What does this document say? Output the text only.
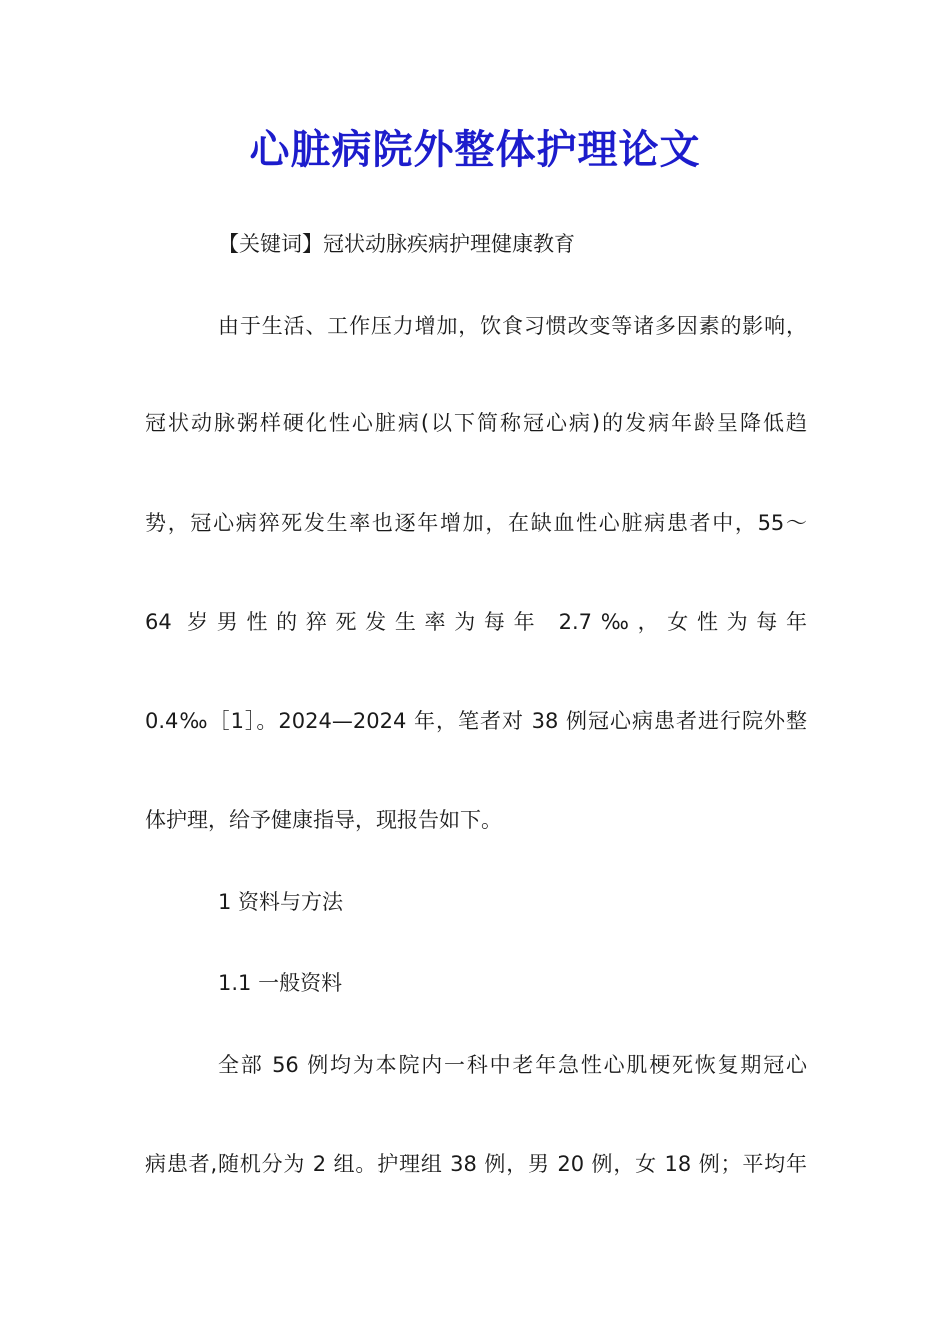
心脏病院外整体护理论文

【关键词】冠状动脉疾病护理健康教育

由于生活、工作压力增加，饮食习惯改变等诸多因素的影响，

冠状动脉粥样硬化性心脏病(以下简称冠心病)的发病年龄呈降低趋

势，冠心病猝死发生率也逐年增加，在缺血性心脏病患者中，55～

64 岁男性的猝死发生率为每年 2.7‰，女性为每年

0.4‰［1］。2024—2024 年，笔者对 38 例冠心病患者进行院外整

体护理，给予健康指导，现报告如下。

1 资料与方法

1.1 一般资料

全部 56 例均为本院内一科中老年急性心肌梗死恢复期冠心

病患者,随机分为 2 组。护理组 38 例，男 20 例，女 18 例；平均年
